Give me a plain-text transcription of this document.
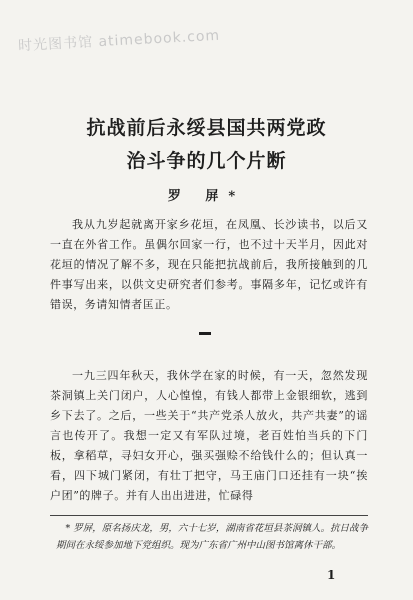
时光图书馆 atimebook.com
抗战前后永绥县国共两党政
治斗争的几个片断
罗 屏*

我从九岁起就离开家乡花垣，在凤凰、长沙读书，以后又一直在外省工作。虽偶尔回家一行，也不过十天半月，因此对花垣的情况了解不多，现在只能把抗战前后，我所接触到的几件事写出来，以供文史研究者们参考。事隔多年，记忆或许有错误，务请知情者匡正。

一九三四年秋天，我休学在家的时候，有一天，忽然发现茶洞镇上关门闭户，人心惶惶，有钱人都带上金银细软，逃到乡下去了。之后，一些关于“共产党杀人放火，共产共妻”的谣言也传开了。我想一定又有军队过境，老百姓怕当兵的下门板，拿稻草，寻妇女开心，强买强赊不给钱什么的；但认真一看，四下城门紧闭，有壮丁把守，马王庙门口还挂有一块“挨户团”的牌子。并有人出出进进，忙碌得

* 罗屏，原名扬庆龙，男，六十七岁，湖南省花垣县茶洞镇人。抗日战争期间在永绥参加地下党组织。现为广东省广州中山图书馆离休干部。

1
